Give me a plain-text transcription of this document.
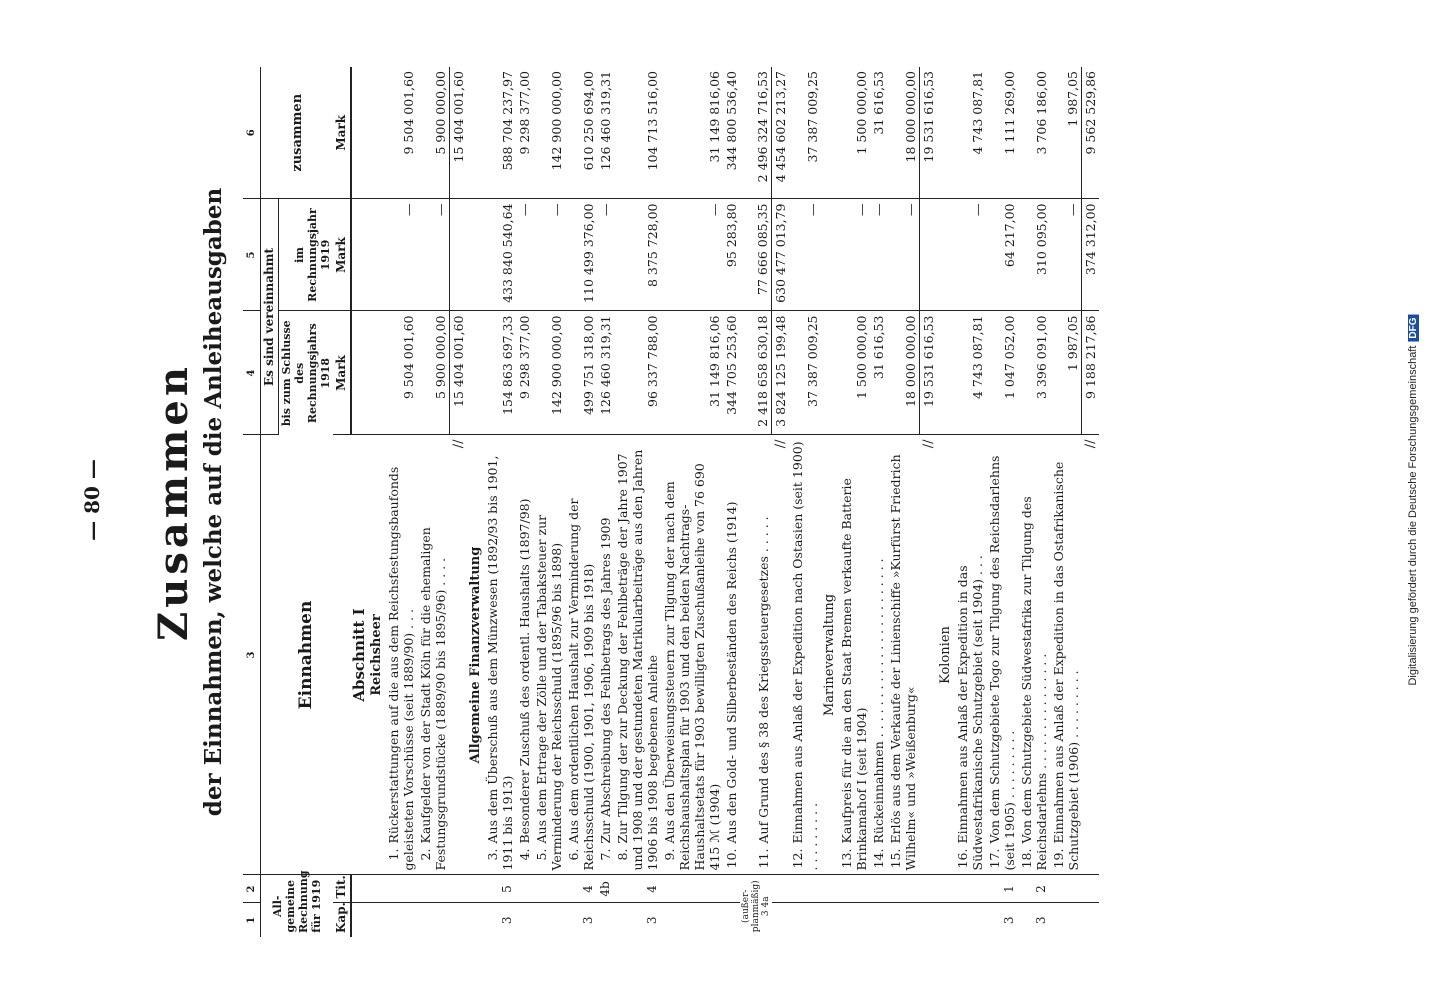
Digitalisierung gefördert durch die Deutsche ForschungsgemeinschaftDFG
— 80 — Zusammen der Einnahmen, welche auf die Anleiheausgaben
1	2	3	4	5	6
All-gemeine Rechnung für 1919		Einnahmen	Es sind vereinnahmt		zusammen
			bis zum Schlusse des Rechnungsjahrs 1918	im Rechnungsjahr 1919	
Kap.	Tit.		Mark	Mark	Mark
		Abschnitt I			
		Reichsheer			
		1.Rückerstattungen auf die aus dem Reichsfestungsbaufonds geleisteten Vorschüsse (seit 1889/90) . . .	9 504 001,60	—	9 504 001,60
		2.Kaufgelder von der Stadt Köln für die ehemaligen Festungsgrundstücke (1889/90 bis 1895/96) . . . .	5 900 000,00	—	5 900 000,00
		//	15 404 001,60		15 404 001,60
		Allgemeine Finanzverwaltung			
3	5	3.Aus dem Überschuß aus dem Münzwesen (1892/93 bis 1901, 1911 bis 1913)	154 863 697,33	433 840 540,64	588 704 237,97
		4.Besonderer Zuschuß des ordentl. Haushalts (1897/98)	9 298 377,00	—	9 298 377,00
		5.Aus dem Ertrage der Zölle und der Tabaksteuer zur Verminderung der Reichsschuld (1895/96 bis 1898)	142 900 000,00	—	142 900 000,00
3	4	6.Aus dem ordentlichen Haushalt zur Verminderung der Reichsschuld (1900, 1901, 1906, 1909 bis 1918)	499 751 318,00	110 499 376,00	610 250 694,00
	4b	7.Zur Abschreibung des Fehlbetrags des Jahres 1909	126 460 319,31	—	126 460 319,31
3	4	8.Zur Tilgung der zur Deckung der Fehlbeträge der Jahre 1907 und 1908 und der gestundeten Matrikularbeiträge aus den Jahren 1906 bis 1908 begebenen Anleihe	96 337 788,00	8 375 728,00	104 713 516,00
		9.Aus den Überweisungssteuern zur Tilgung der nach dem Reichshaushaltsplan für 1903 und den beiden Nachtrags-Haushaltsetats für 1903 bewilligten Zuschußanleihe von 76 690 415 ℳ (1904)	31 149 816,06	—	31 149 816,06
		10.Aus den Gold- und Silberbeständen des Reichs (1914)	344 705 253,60	95 283,80	344 800 536,40
(außer-planmäßig)
3 4a		11.Auf Grund des § 38 des Kriegssteuergesetzes . . . . .	2 418 658 630,18	77 666 085,35	2 496 324 716,53
		//	3 824 125 199,48	630 477 013,79	4 454 602 213,27
		12.Einnahmen aus Anlaß der Expedition nach Ostasien (seit 1900) . . . . . . . . .	37 387 009,25	—	37 387 009,25
		Marineverwaltung			
		13.Kaufpreis für die an den Staat Bremen verkaufte Batterie Brinkamahof I (seit 1904)	1 500 000,00	—	1 500 000,00
		14.Rückeinnahmen . . . . . . . . . . . . . . . . . . . . . . .	31 616,53	—	31 616,53
		15.Erlös aus dem Verkaufe der Linienschiffe »Kurfürst Friedrich Wilhelm« und »Weißenburg«	18 000 000,00	—	18 000 000,00
		//	19 531 616,53		19 531 616,53
		Kolonien			
		16.Einnahmen aus Anlaß der Expedition in das Südwestafrikanische Schutzgebiet (seit 1904) . . .	4 743 087,81	—	4 743 087,81
3	1	17.Von dem Schutzgebiete Togo zur Tilgung des Reichsdarlehns (seit 1905) . . . . . . . . .	1 047 052,00	64 217,00	1 111 269,00
3	2	18.Von dem Schutzgebiete Südwestafrika zur Tilgung des Reichsdarlehns . . . . . . . . . . . . . . .	3 396 091,00	310 095,00	3 706 186,00
		19.Einnahmen aus Anlaß der Expedition in das Ostafrikanische Schutzgebiet (1906) . . . . . . . . .	1 987,05	—	1 987,05
		//	9 188 217,86	374 312,00	9 562 529,86
